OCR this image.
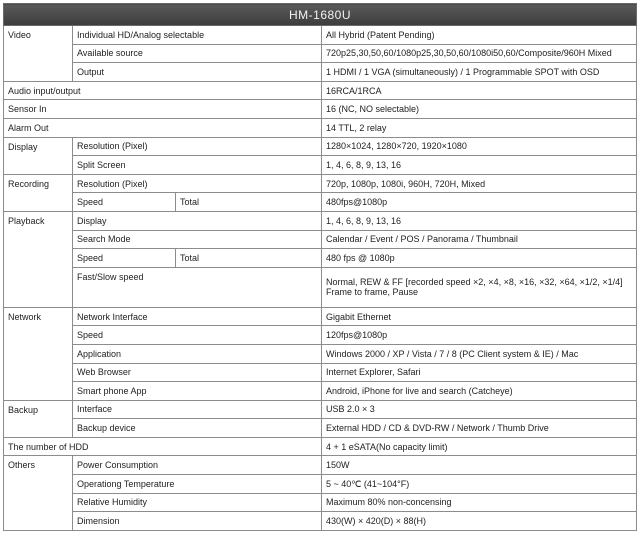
HM-1680U			
Video	Individual HD/Analog selectable		All Hybrid (Patent Pending)
	Available source		720p25,30,50,60/1080p25,30,50,60/1080i50,60/Composite/960H Mixed
	Output		1 HDMI / 1 VGA (simultaneously) / 1 Programmable SPOT with OSD
Audio input/output			16RCA/1RCA
Sensor In			16 (NC, NO selectable)
Alarm Out			14 TTL, 2 relay
Display	Resolution (Pixel)		1280×1024, 1280×720, 1920×1080
	Split Screen		1, 4, 6, 8, 9, 13, 16
Recording	Resolution (Pixel)		720p, 1080p, 1080i, 960H, 720H, Mixed
	Speed	Total	480fps@1080p
Playback	Display		1, 4, 6, 8, 9, 13, 16
	Search Mode		Calendar / Event / POS / Panorama / Thumbnail
	Speed	Total	480 fps @ 1080p
	Fast/Slow speed		Normal, REW & FF [recorded speed ×2, ×4, ×8, ×16, ×32, ×64, ×1/2, ×1/4] Frame to frame, Pause
Network	Network Interface		Gigabit Ethernet
	Speed		120fps@1080p
	Application		Windows 2000 / XP / Vista / 7 / 8 (PC Client system & IE) / Mac
	Web Browser		Internet Explorer, Safari
	Smart phone App		Android, iPhone for live and search (Catcheye)
Backup	Interface		USB 2.0 × 3
	Backup device		External HDD / CD & DVD-RW / Network / Thumb Drive
The number of HDD			4 + 1 eSATA(No capacity limit)
Others	Power Consumption		150W
	Operationg Temperature		5 ~ 40℃ (41~104°F)
	Relative Humidity		Maximum 80% non-concensing
	Dimension		430(W) × 420(D) × 88(H)
